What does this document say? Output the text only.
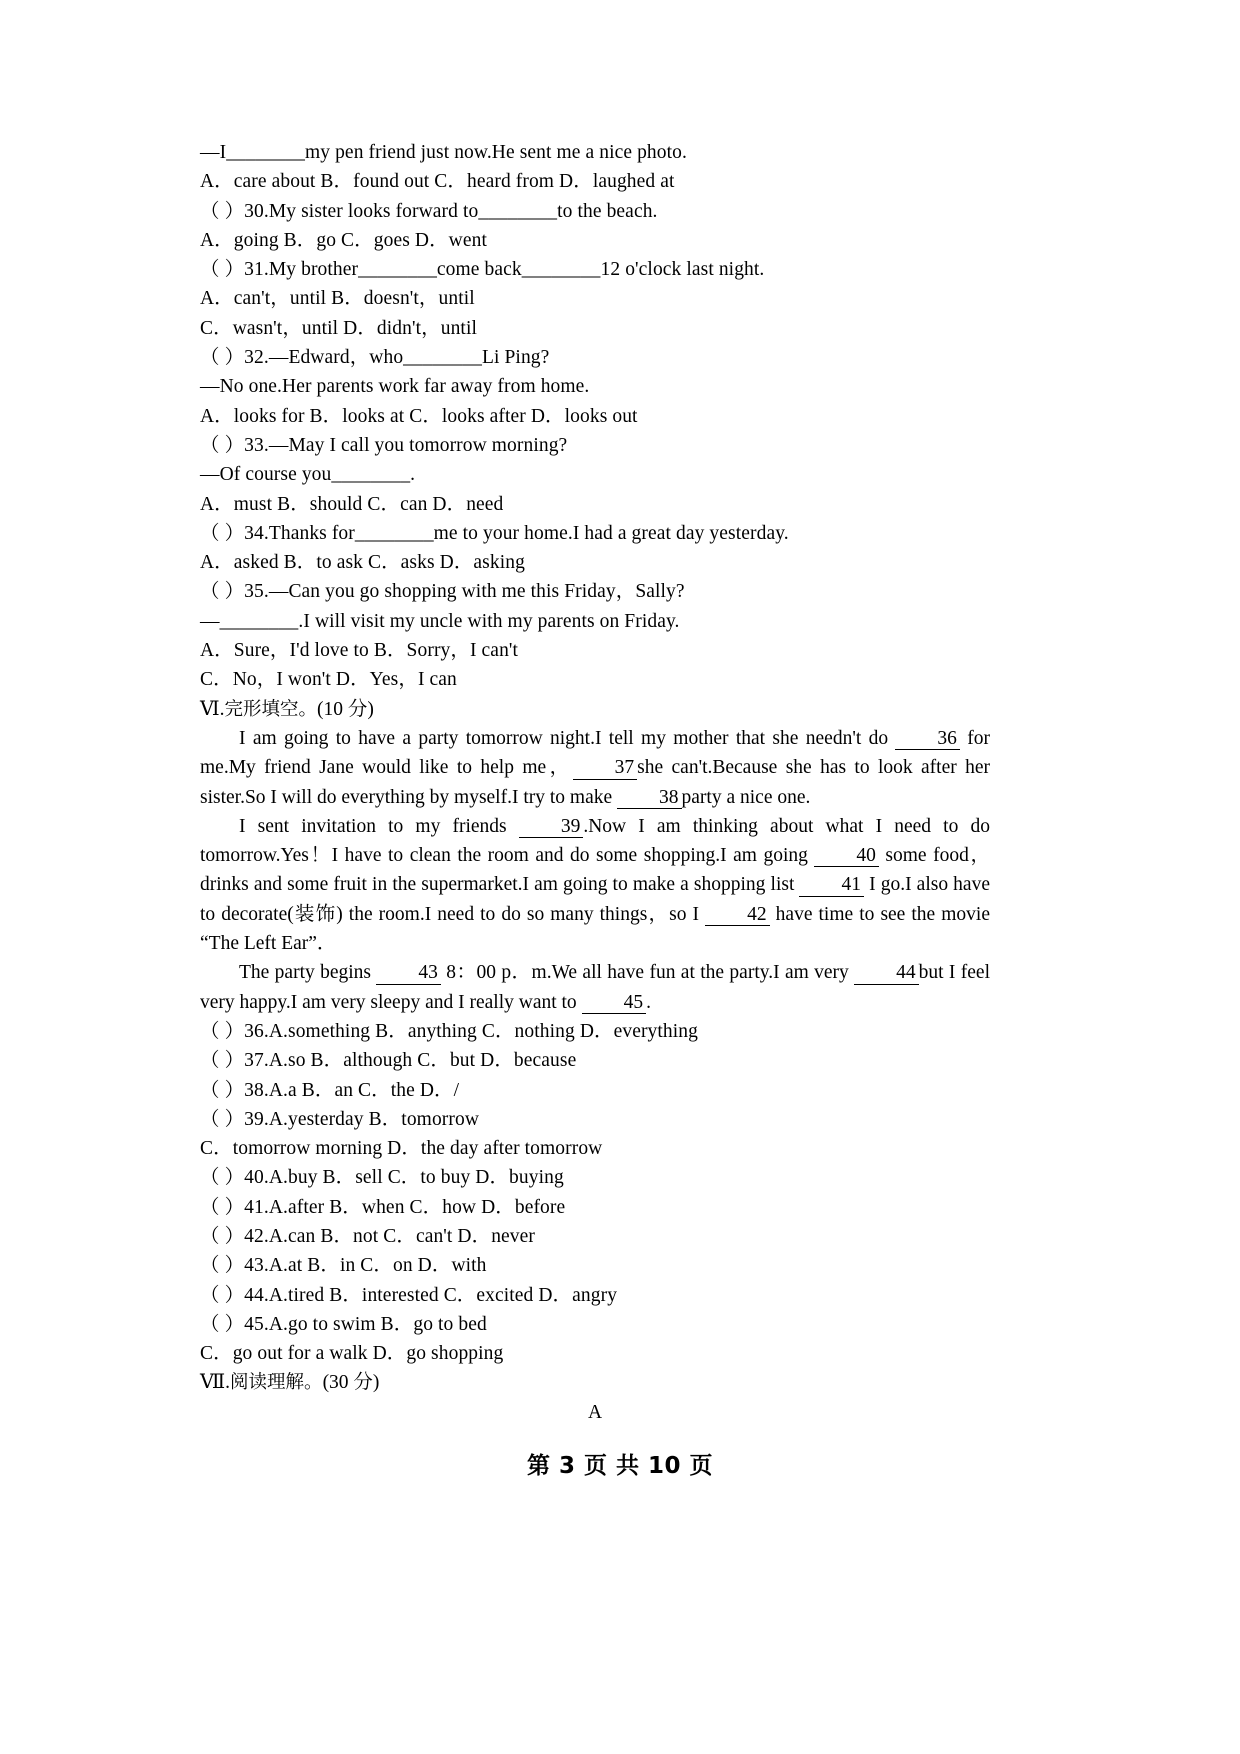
—I________my pen friend just now.He sent me a nice photo.
A．care about B．found out C．heard from D．laughed at
（ ）30.My sister looks forward to________to the beach.
A．going B．go C．goes D．went
（ ）31.My brother________come back________12 o'clock last night.
A．can't，until B．doesn't，until
C．wasn't，until D．didn't，until
（ ）32.—Edward，who________Li Ping?
—No one.Her parents work far away from home.
A．looks for B．looks at C．looks after D．looks out
（ ）33.—May I call you tomorrow morning?
—Of course you________.
A．must B．should C．can D．need
（ ）34.Thanks for________me to your home.I had a great day yesterday.
A．asked B．to ask C．asks D．asking
（ ）35.—Can you go shopping with me this Friday，Sally?
—________.I will visit my uncle with my parents on Friday.
A．Sure，I'd love to B．Sorry，I can't
C．No，I won't D．Yes，I can
Ⅵ.完形填空。(10 分)

I am going to have a party tomorrow night.I tell my mother that she needn't do 36 for me.My friend Jane would like to help me， 37 she can't.Because she has to look after her sister.So I will do everything by myself.I try to make 38 party a nice one.

I sent invitation to my friends 39 .Now I am thinking about what I need to do tomorrow.Yes！I have to clean the room and do some shopping.I am going 40 some food，drinks and some fruit in the supermarket.I am going to make a shopping list 41 I go.I also have to decorate(装饰) the room.I need to do so many things，so I 42 have time to see the movie “The Left Ear”．

The party begins 43 8：00 p．m.We all have fun at the party.I am very 44 but I feel very happy.I am very sleepy and I really want to 45 .

（ ）36.A.something B．anything C．nothing D．everything
（ ）37.A.so B．although C．but D．because
（ ）38.A.a B．an C．the D．/
（ ）39.A.yesterday B．tomorrow
C．tomorrow morning D．the day after tomorrow
（ ）40.A.buy B．sell C．to buy D．buying
（ ）41.A.after B．when C．how D．before
（ ）42.A.can B．not C．can't D．never
（ ）43.A.at B．in C．on D．with
（ ）44.A.tired B．interested C．excited D．angry
（ ）45.A.go to swim B．go to bed
C．go out for a walk D．go shopping
Ⅶ.阅读理解。(30 分)
A
第 3 页 共 10 页
